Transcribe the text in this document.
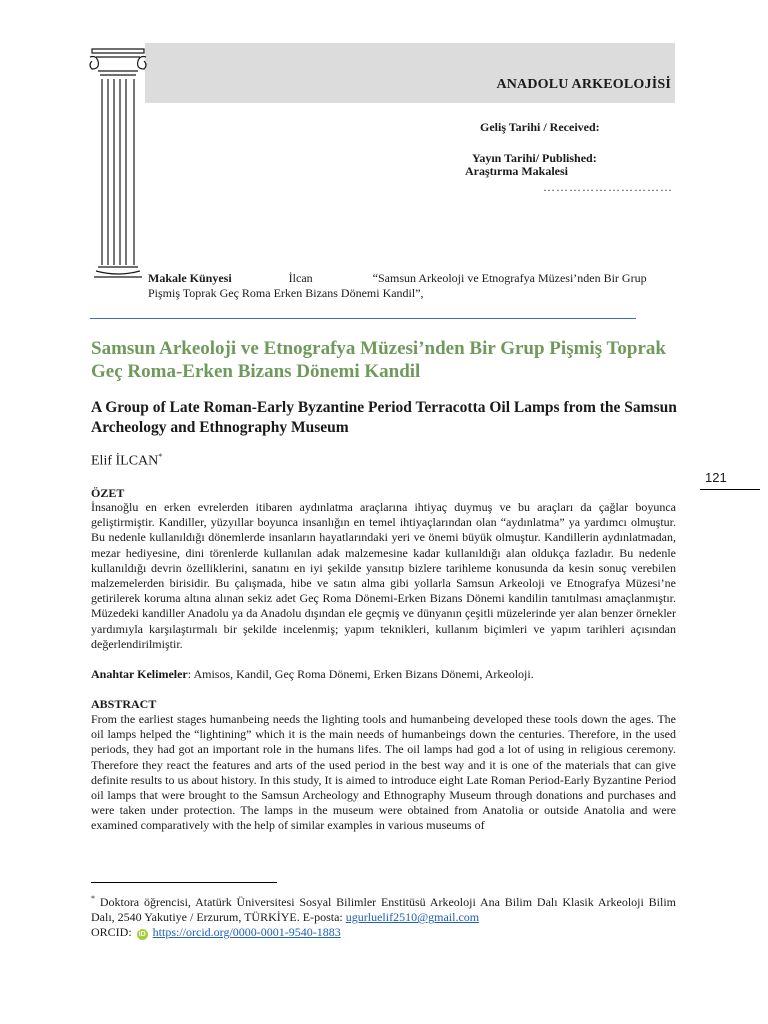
ANADOLU ARKEOLOJİSİ
Geliş Tarihi / Received:
Yayın Tarihi/ Published:
Araştırma Makalesi
…………………………
Makale Künyesi	İlcan	“Samsun Arkeoloji ve Etnografya Müzesi’nden Bir Grup Pişmiş Toprak Geç Roma Erken Bizans Dönemi Kandil”,
Samsun Arkeoloji ve Etnografya Müzesi’nden Bir Grup Pişmiş Toprak Geç Roma-Erken Bizans Dönemi Kandil
A Group of Late Roman-Early Byzantine Period Terracotta Oil Lamps from the Samsun Archeology and Ethnography Museum
Elif İLCAN*
121
ÖZET
İnsanoğlu en erken evrelerden itibaren aydınlatma araçlarına ihtiyaç duymuş ve bu araçları da çağlar boyunca geliştirmiştir. Kandiller, yüzyıllar boyunca insanlığın en temel ihtiyaçlarından olan “aydınlatma” ya yardımcı olmuştur. Bu nedenle kullanıldığı dönemlerde insanların hayatlarındaki yeri ve önemi büyük olmuştur. Kandillerin aydınlatmadan, mezar hediyesine, dini törenlerde kullanılan adak malzemesine kadar kullanıldığı alan oldukça fazladır. Bu nedenle kullanıldığı devrin özelliklerini, sanatını en iyi şekilde yansıtıp bizlere tarihleme konusunda da kesin sonuç verebilen malzemelerden birisidir. Bu çalışmada, hibe ve satın alma gibi yollarla Samsun Arkeoloji ve Etnografya Müzesi’ne getirilerek koruma altına alınan sekiz adet Geç Roma Dönemi-Erken Bizans Dönemi kandilin tanıtılması amaçlanmıştır. Müzedeki kandiller Anadolu ya da Anadolu dışından ele geçmiş ve dünyanın çeşitli müzelerinde yer alan benzer örnekler yardımıyla karşılaştırmalı bir şekilde incelenmiş; yapım teknikleri, kullanım biçimleri ve yapım tarihleri açısından değerlendirilmiştir.
Anahtar Kelimeler: Amisos, Kandil, Geç Roma Dönemi, Erken Bizans Dönemi, Arkeoloji.
ABSTRACT
From the earliest stages humanbeing needs the lighting tools and humanbeing developed these tools down the ages. The oil lamps helped the “lightining” which it is the main needs of humanbeings down the centuries. Therefore, in the used periods, they had got an important role in the humans lifes. The oil lamps had god a lot of using in religious ceremony. Therefore they react the features and arts of the used period in the best way and it is one of the materials that can give definite results to us about history. In this study, It is aimed to introduce eight Late Roman Period-Early Byzantine Period oil lamps that were brought to the Samsun Archeology and Ethnography Museum through donations and purchases and were taken under protection. The lamps in the museum were obtained from Anatolia or outside Anatolia and were examined comparatively with the help of similar examples in various museums of
* Doktora öğrencisi, Atatürk Üniversitesi Sosyal Bilimler Enstitüsü Arkeoloji Ana Bilim Dalı Klasik Arkeoloji Bilim Dalı, 2540 Yakutiye / Erzurum, TÜRKİYE. E-posta: ugurluelif2510@gmail.com
ORCID: iD https://orcid.org/0000-0001-9540-1883
